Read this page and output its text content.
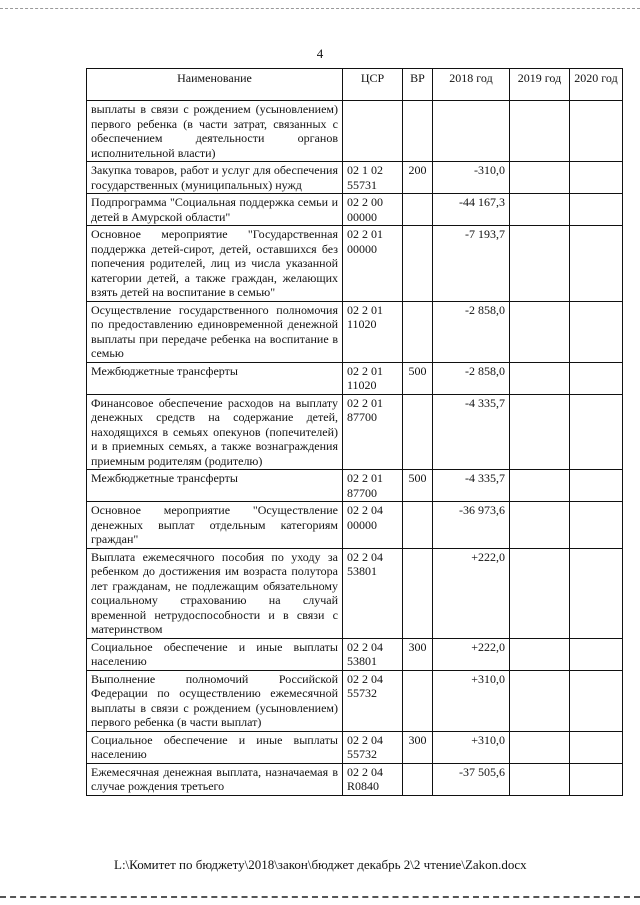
4
Наименование	ЦСР	ВР	2018 год	2019 год	2020 год
выплаты в связи с рождением (усыновлением) первого ребенка (в части затрат, связанных с обеспечением деятельности органов исполнительной власти)					
Закупка товаров, работ и услуг для обеспечения государственных (муниципальных) нужд	02 1 02 55731	200	-310,0		
Подпрограмма "Социальная поддержка семьи и детей в Амурской области"	02 2 00 00000		-44 167,3		
Основное мероприятие "Государственная поддержка детей-сирот, детей, оставшихся без попечения родителей, лиц из числа указанной категории детей, а также граждан, желающих взять детей на воспитание в семью"	02 2 01 00000		-7 193,7		
Осуществление государственного полномочия по предоставлению единовременной денежной выплаты при передаче ребенка на воспитание в семью	02 2 01 11020		-2 858,0		
Межбюджетные трансферты	02 2 01 11020	500	-2 858,0		
Финансовое обеспечение расходов на выплату денежных средств на содержание детей, находящихся в семьях опекунов (попечителей) и в приемных семьях, а также вознаграждения приемным родителям (родителю)	02 2 01 87700		-4 335,7		
Межбюджетные трансферты	02 2 01 87700	500	-4 335,7		
Основное мероприятие "Осуществление денежных выплат отдельным категориям граждан"	02 2 04 00000		-36 973,6		
Выплата ежемесячного пособия по уходу за ребенком до достижения им возраста полутора лет гражданам, не подлежащим обязательному социальному страхованию на случай временной нетрудоспособности и в связи с материнством	02 2 04 53801		+222,0		
Социальное обеспечение и иные выплаты населению	02 2 04 53801	300	+222,0		
Выполнение полномочий Российской Федерации по осуществлению ежемесячной выплаты в связи с рождением (усыновлением) первого ребенка (в части выплат)	02 2 04 55732		+310,0		
Социальное обеспечение и иные выплаты населению	02 2 04 55732	300	+310,0		
Ежемесячная денежная выплата, назначаемая в случае рождения третьего	02 2 04 R0840		-37 505,6		
L:\Комитет по бюджету\2018\закон\бюджет декабрь 2\2 чтение\Zakon.docx
